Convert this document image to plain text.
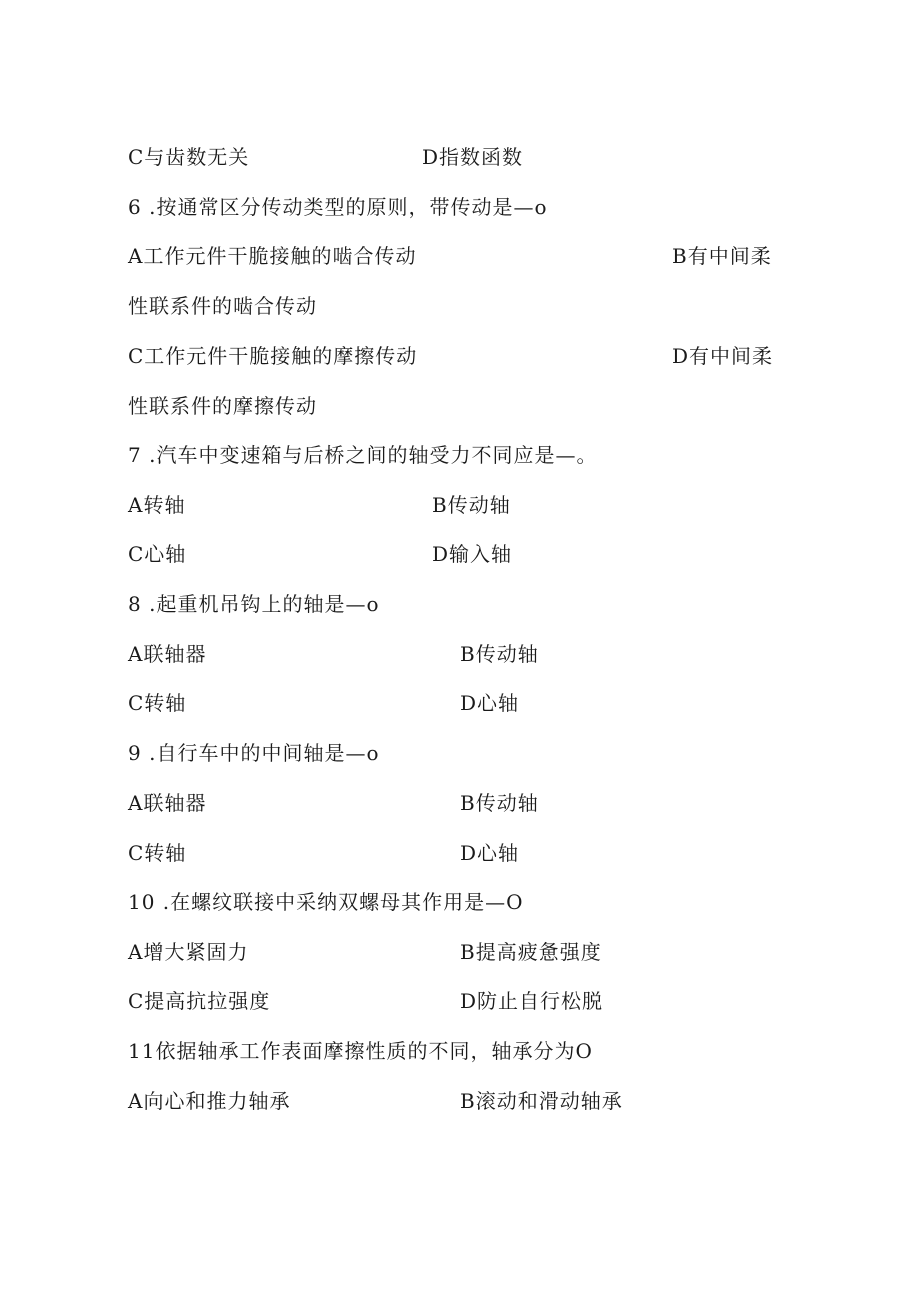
C与齿数无关	D指数函数
6 .按通常区分传动类型的原则，带传动是—o
A工作元件干脆接触的啮合传动	B有中间柔
性联系件的啮合传动
C工作元件干脆接触的摩擦传动	D有中间柔
性联系件的摩擦传动
7 .汽车中变速箱与后桥之间的轴受力不同应是—。
A转轴	B传动轴
C心轴	D输入轴
8 .起重机吊钩上的轴是—o
A联轴器	B传动轴
C转轴	D心轴
9 .自行车中的中间轴是—o
A联轴器	B传动轴
C转轴	D心轴
10 .在螺纹联接中采纳双螺母其作用是—O
A增大紧固力	B提高疲惫强度
C提高抗拉强度	D防止自行松脱
11依据轴承工作表面摩擦性质的不同，轴承分为O
A向心和推力轴承	B滚动和滑动轴承
